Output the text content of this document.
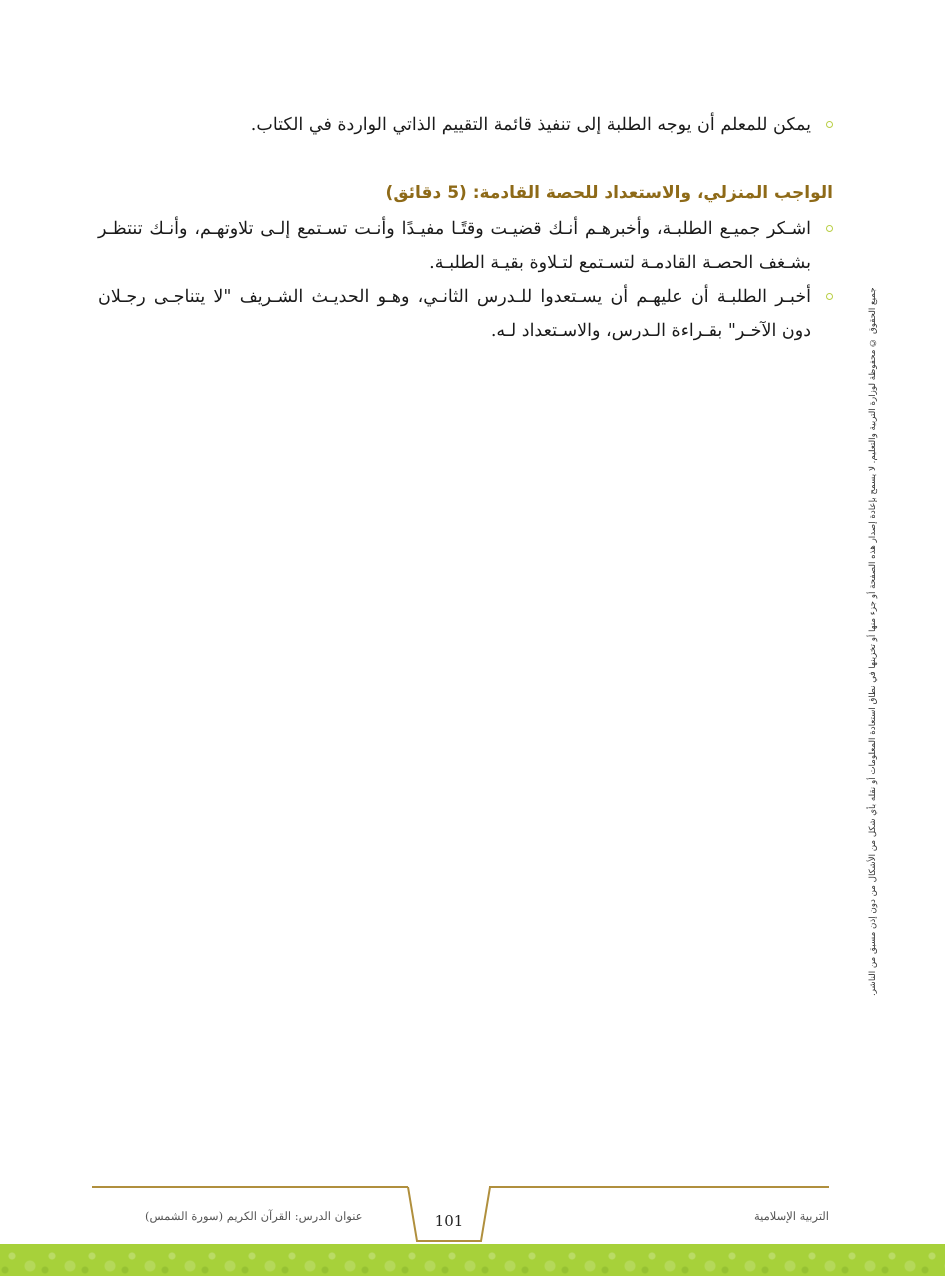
يمكن للمعلم أن يوجه الطلبة إلى تنفيذ قائمة التقييم الذاتي الواردة في الكتاب.
الواجب المنزلي، والاستعداد للحصة القادمة: (5 دقائق)
اشـكر جميـع الطلبـة، وأخبرهـم أنـك قضيـت وقتًـا مفيـدًا وأنـت تسـتمع إلـى تلاوتهـم، وأنـك تنتظـر بشـغف الحصـة القادمـة لتسـتمع لتـلاوة بقيـة الطلبـة.
أخبـر الطلبـة أن عليهـم أن يسـتعدوا للـدرس الثانـي، وهـو الحديـث الشـريف "لا يتناجـى رجـلان دون الآخـر" بقـراءة الـدرس، والاسـتعداد لـه.	جميع الحقوق © محفوظة لوزارة التربية والتعليم. لا يسمح بإعادة إصدار هذه الصفحة أو جزء منها أو تخزينها في نطاق استعادة المعلومات أو نقله بأي شكل من الأشكال من دون إذن مسبق من الناشر.
101	التربية الإسلامية
عنوان الدرس: القرآن الكريم (سورة الشمس)
